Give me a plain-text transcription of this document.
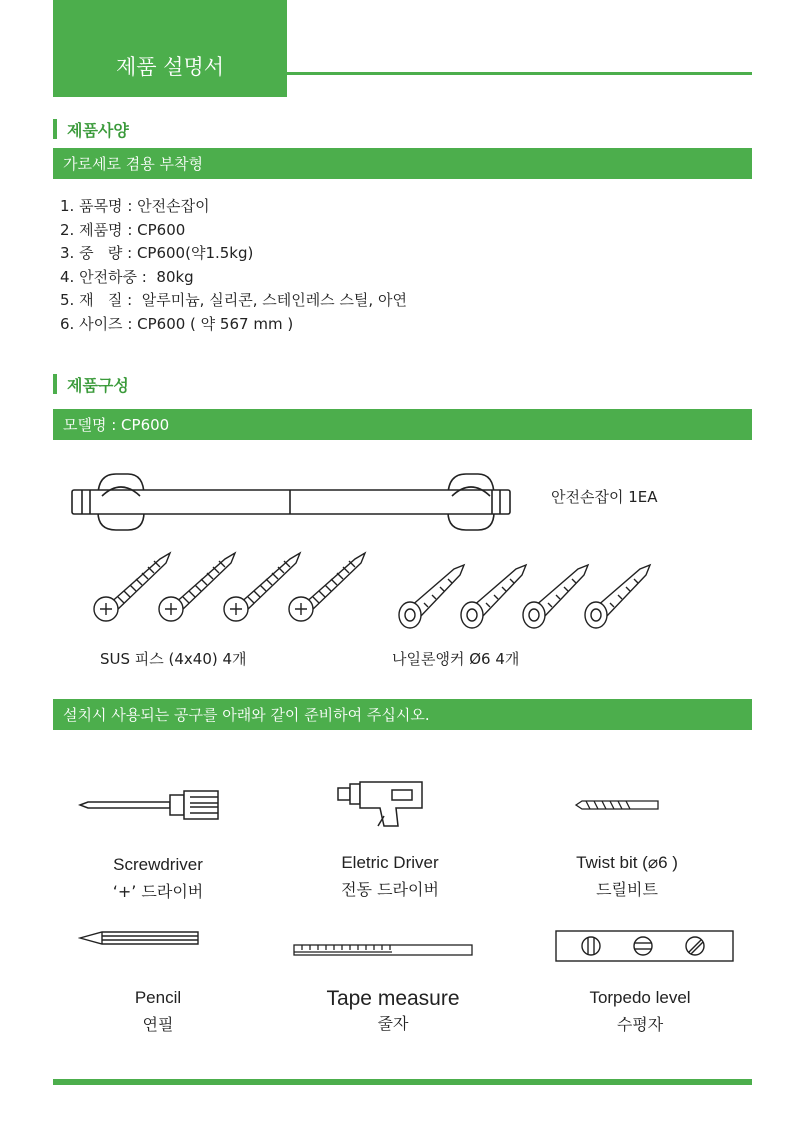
제품 설명서
제품사양
가로세로 겸용 부착형
1. 품목명 : 안전손잡이
2. 제품명 : CP600
3. 중   량 : CP600(약1.5kg)
4. 안전하중 :  80kg
5. 재   질 :  알루미늄, 실리콘, 스테인레스 스틸, 아연
6. 사이즈 : CP600 ( 약 567 mm )
제품구성
모델명 : CP600
안전손잡이 1EA
SUS 피스 (4x40) 4개	나일론앵커 Ø6 4개
설치시 사용되는 공구를 아래와 같이 준비하여 주십시오.
Screwdriver
‘+’ 드라이버
Eletric Driver
전동 드라이버
Twist bit (⌀6 )
드릴비트
Pencil
연필
Tape measure
줄자
Torpedo level
수평자
